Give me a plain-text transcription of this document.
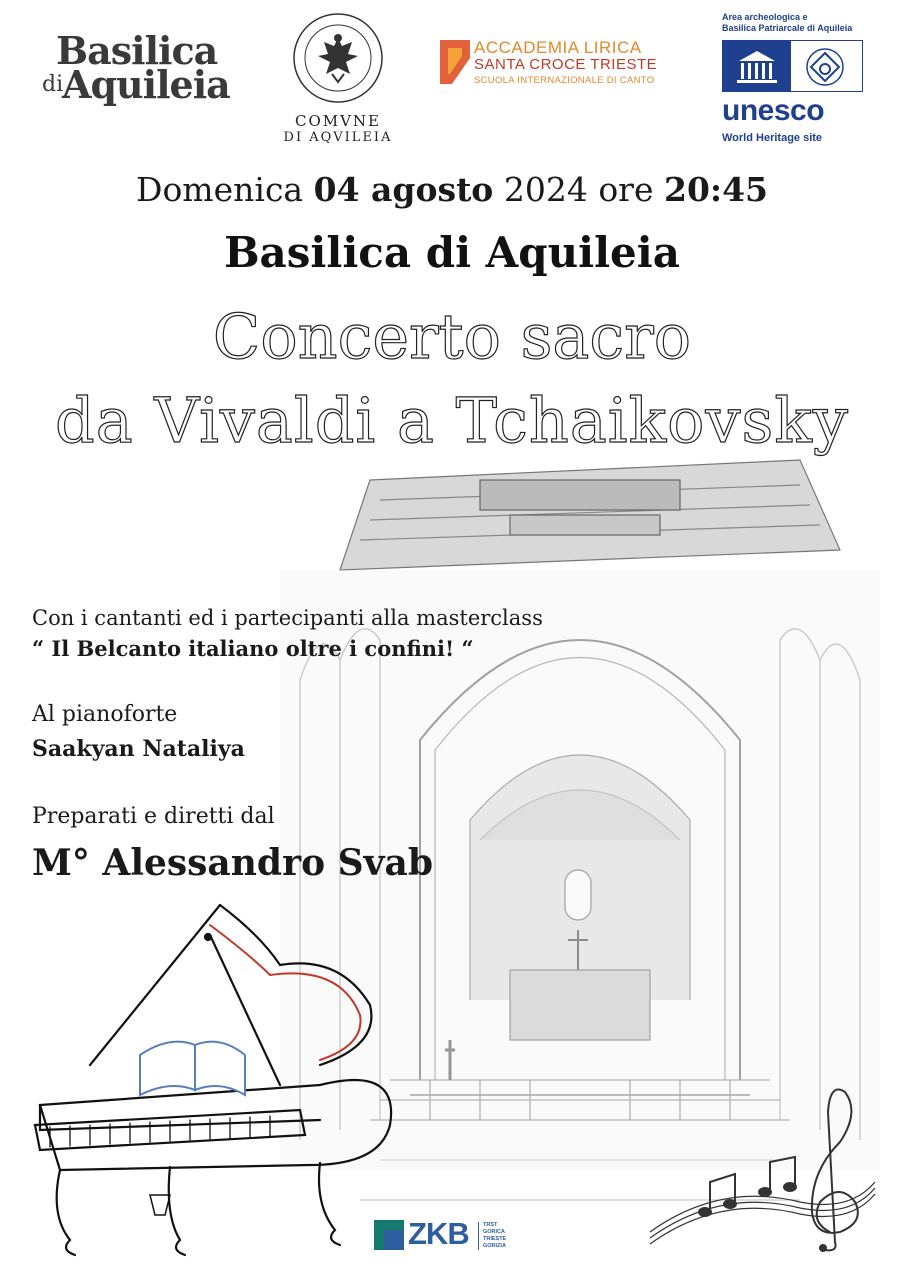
Basilica
di
Aquileia
COMVNE
DI AQVILEIA
ACCADEMIA LIRICA
SANTA CROCE TRIESTE
SCUOLA INTERNAZIONALE DI CANTO
Area archeologica e
Basilica Patriarcale di Aquileia
unesco
World Heritage site
Domenica 04 agosto 2024 ore 20:45
Basilica di Aquileia
Concerto sacro
da Vivaldi a Tchaikovsky
Con i cantanti ed i partecipanti alla masterclass
“ Il Belcanto italiano oltre i confini! “
Al pianoforte
Saakyan Nataliya
Preparati e diretti dal
M° Alessandro Svab
ZKB	TRST
GORICA
TRIESTE
GORIZIA
